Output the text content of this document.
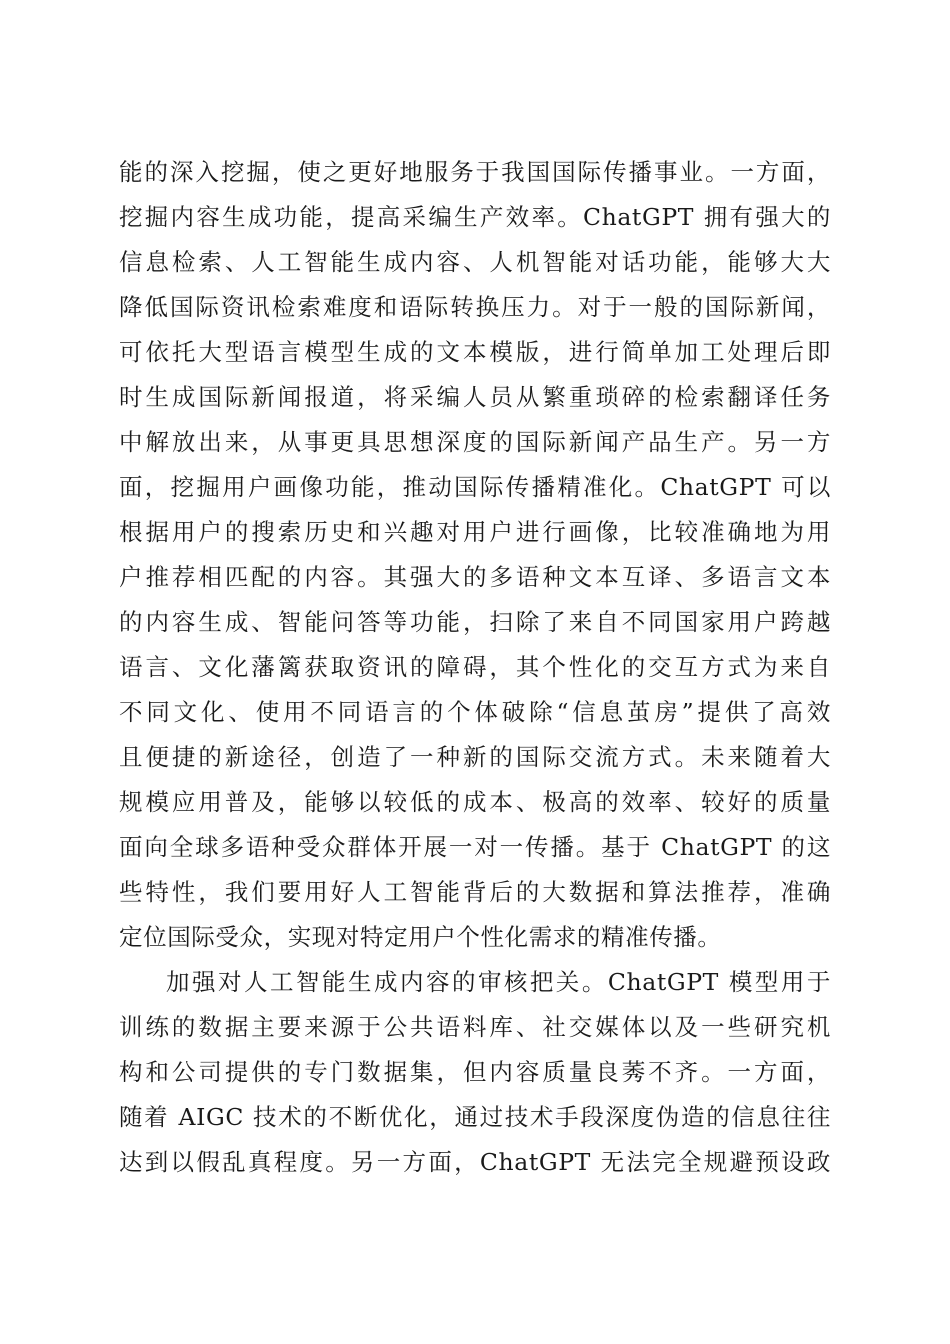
能的深入挖掘，使之更好地服务于我国国际传播事业。一方面，
挖掘内容生成功能，提高采编生产效率。ChatGPT 拥有强大的
信息检索、人工智能生成内容、人机智能对话功能，能够大大
降低国际资讯检索难度和语际转换压力。对于一般的国际新闻，
可依托大型语言模型生成的文本模版，进行简单加工处理后即
时生成国际新闻报道，将采编人员从繁重琐碎的检索翻译任务
中解放出来，从事更具思想深度的国际新闻产品生产。另一方
面，挖掘用户画像功能，推动国际传播精准化。ChatGPT 可以
根据用户的搜索历史和兴趣对用户进行画像，比较准确地为用
户推荐相匹配的内容。其强大的多语种文本互译、多语言文本
的内容生成、智能问答等功能，扫除了来自不同国家用户跨越
语言、文化藩篱获取资讯的障碍，其个性化的交互方式为来自
不同文化、使用不同语言的个体破除“信息茧房”提供了高效
且便捷的新途径，创造了一种新的国际交流方式。未来随着大
规模应用普及，能够以较低的成本、极高的效率、较好的质量
面向全球多语种受众群体开展一对一传播。基于 ChatGPT 的这
些特性，我们要用好人工智能背后的大数据和算法推荐，准确
定位国际受众，实现对特定用户个性化需求的精准传播。
加强对人工智能生成内容的审核把关。ChatGPT 模型用于
训练的数据主要来源于公共语料库、社交媒体以及一些研究机
构和公司提供的专门数据集，但内容质量良莠不齐。一方面，
随着 AIGC 技术的不断优化，通过技术手段深度伪造的信息往往
达到以假乱真程度。另一方面，ChatGPT 无法完全规避预设政
